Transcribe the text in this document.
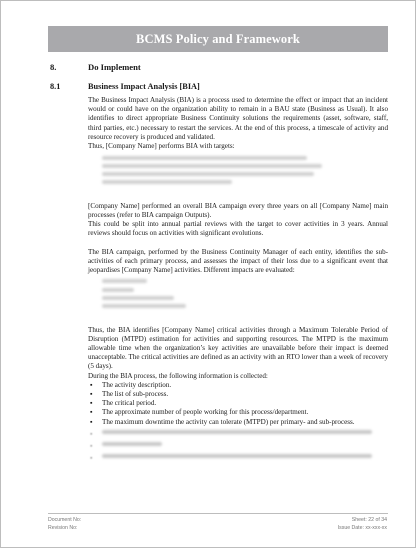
BCMS Policy and Framework
8.	Do Implement
8.1	Business Impact Analysis [BIA]

The Business Impact Analysis (BIA) is a process used to determine the effect or impact that an incident would or could have on the organization ability to remain in a BAU state (Business as Usual). It also identifies to direct appropriate Business Continuity solutions the requirements (asset, software, staff, third parties, etc.) necessary to restart the services. At the end of this process, a timescale of activity and resource recovery is produced and validated.

Thus, [Company Name] performs BIA with targets:

[Company Name] performed an overall BIA campaign every three years on all [Company Name] main processes (refer to BIA campaign Outputs).

This could be split into annual partial reviews with the target to cover activities in 3 years. Annual reviews should focus on activities with significant evolutions.

The BIA campaign, performed by the Business Continuity Manager of each entity, identifies the sub-activities of each primary process, and assesses the impact of their loss due to a significant event that jeopardises [Company Name] activities. Different impacts are evaluated:

Thus, the BIA identifies [Company Name] critical activities through a Maximum Tolerable Period of Disruption (MTPD) estimation for activities and supporting resources. The MTPD is the maximum allowable time when the organization’s key activities are unavailable before their impact is deemed unacceptable. The critical activities are defined as an activity with an RTO lower than a week of recovery (5 days).

During the BIA process, the following information is collected:

▪ The activity description.
▪ The list of sub-process.
▪ The critical period.
▪ The approximate number of people working for this process/department.
▪ The maximum downtime the activity can tolerate (MTPD) per primary- and sub-process.
▪
▪
▪
Document No:
Revision No:
Sheet: 22 of 34
Issue Date: xx-xxx-xx
